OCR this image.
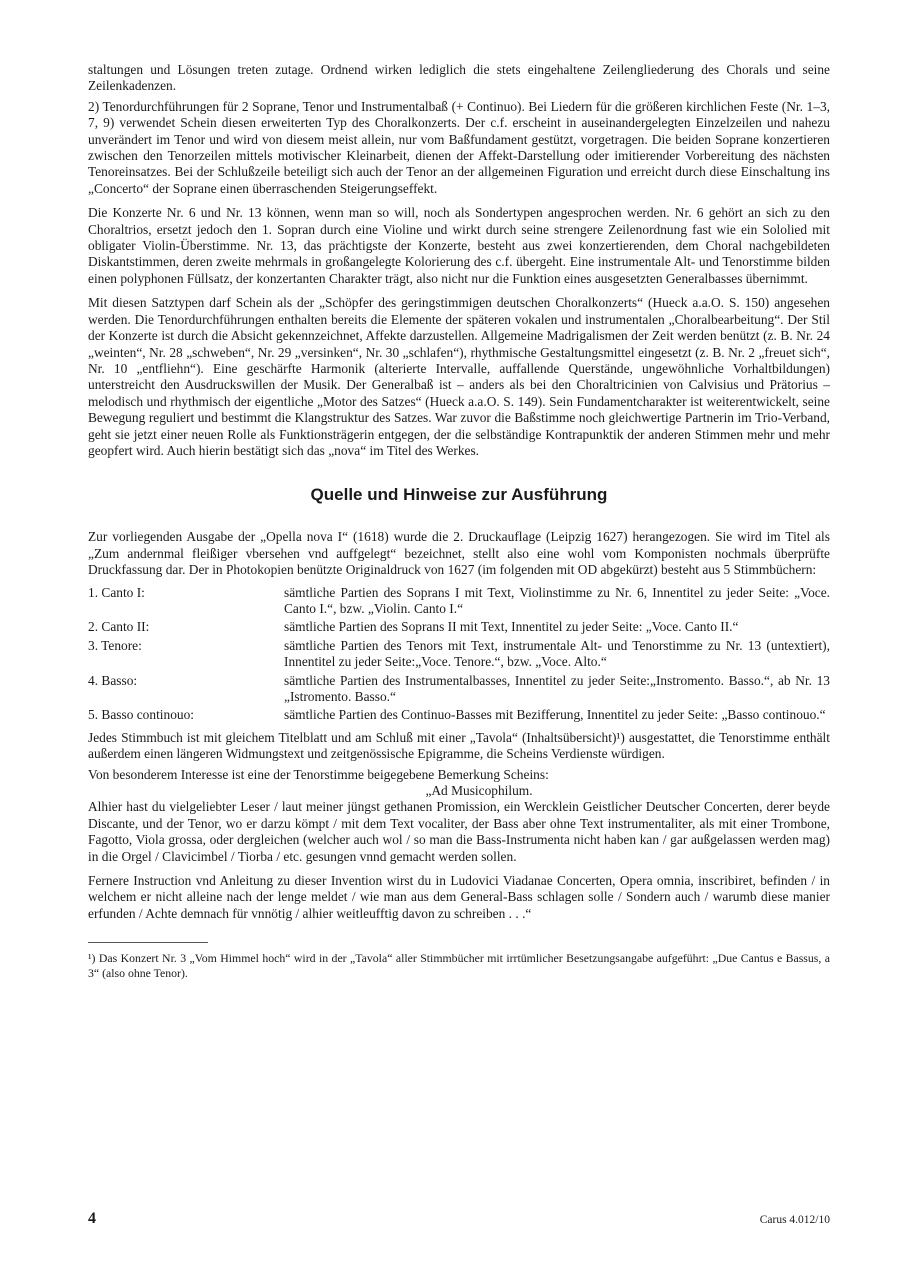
staltungen und Lösungen treten zutage. Ordnend wirken lediglich die stets eingehaltene Zeilengliederung des Chorals und seine Zeilenkadenzen.

2) Tenordurchführungen für 2 Soprane, Tenor und Instrumentalbaß (+ Continuo). Bei Liedern für die größeren kirchlichen Feste (Nr. 1–3, 7, 9) verwendet Schein diesen erweiterten Typ des Choralkonzerts. Der c.f. erscheint in auseinandergelegten Einzelzeilen und nahezu unverändert im Tenor und wird von diesem meist allein, nur vom Baßfundament gestützt, vorgetragen. Die beiden Soprane konzertieren zwischen den Tenorzeilen mittels motivischer Kleinarbeit, dienen der Affekt-Darstellung oder imitierender Vorbereitung des nächsten Tenoreinsatzes. Bei der Schlußzeile beteiligt sich auch der Tenor an der allgemeinen Figuration und erreicht durch diese Einschaltung ins „Concerto“ der Soprane einen überraschenden Steigerungseffekt.

Die Konzerte Nr. 6 und Nr. 13 können, wenn man so will, noch als Sondertypen angesprochen werden. Nr. 6 gehört an sich zu den Choraltrios, ersetzt jedoch den 1. Sopran durch eine Violine und wirkt durch seine strengere Zeilenordnung fast wie ein Sololied mit obligater Violin-Überstimme. Nr. 13, das prächtigste der Konzerte, besteht aus zwei konzertierenden, dem Choral nachgebildeten Diskantstimmen, deren zweite mehrmals in großangelegte Kolorierung des c.f. übergeht. Eine instrumentale Alt- und Tenorstimme bilden einen polyphonen Füllsatz, der konzertanten Charakter trägt, also nicht nur die Funktion eines ausgesetzten Generalbasses übernimmt.

Mit diesen Satztypen darf Schein als der „Schöpfer des geringstimmigen deutschen Choralkonzerts“ (Hueck a.a.O. S. 150) angesehen werden. Die Tenordurchführungen enthalten bereits die Elemente der späteren vokalen und instrumentalen „Choralbearbeitung“. Der Stil der Konzerte ist durch die Absicht gekennzeichnet, Affekte darzustellen. Allgemeine Madrigalismen der Zeit werden benützt (z. B. Nr. 24 „weinten“, Nr. 28 „schweben“, Nr. 29 „versinken“, Nr. 30 „schlafen“), rhythmische Gestaltungsmittel eingesetzt (z. B. Nr. 2 „freuet sich“, Nr. 10 „entfliehn“). Eine geschärfte Harmonik (alterierte Intervalle, auffallende Querstände, ungewöhnliche Vorhaltbildungen) unterstreicht den Ausdruckswillen der Musik. Der Generalbaß ist – anders als bei den Choraltricinien von Calvisius und Prätorius – melodisch und rhythmisch der eigentliche „Motor des Satzes“ (Hueck a.a.O. S. 149). Sein Fundamentcharakter ist weiterentwickelt, seine Bewegung reguliert und bestimmt die Klangstruktur des Satzes. War zuvor die Baßstimme noch gleichwertige Partnerin im Trio-Verband, geht sie jetzt einer neuen Rolle als Funktionsträgerin entgegen, der die selbständige Kontrapunktik der anderen Stimmen mehr und mehr geopfert wird. Auch hierin bestätigt sich das „nova“ im Titel des Werkes.

Quelle und Hinweise zur Ausführung

Zur vorliegenden Ausgabe der „Opella nova I“ (1618) wurde die 2. Druckauflage (Leipzig 1627) herangezogen. Sie wird im Titel als „Zum andernmal fleißiger vbersehen vnd auffgelegt“ bezeichnet, stellt also eine wohl vom Komponisten nochmals überprüfte Druckfassung dar. Der in Photokopien benützte Originaldruck von 1627 (im folgenden mit OD abgekürzt) besteht aus 5 Stimmbüchern:

1. Canto I:	sämtliche Partien des Soprans I mit Text, Violinstimme zu Nr. 6, Innentitel zu jeder Seite: „Voce. Canto I.“, bzw. „Violin. Canto I.“
2. Canto II:	sämtliche Partien des Soprans II mit Text, Innentitel zu jeder Seite: „Voce. Canto II.“
3. Tenore:	sämtliche Partien des Tenors mit Text, instrumentale Alt- und Tenorstimme zu Nr. 13 (untextiert), Innentitel zu jeder Seite:„Voce. Tenore.“, bzw. „Voce. Alto.“
4. Basso:	sämtliche Partien des Instrumentalbasses, Innentitel zu jeder Seite:„Instromento. Basso.“, ab Nr. 13 „Istromento. Basso.“
5. Basso continouo:	sämtliche Partien des Continuo-Basses mit Bezifferung, Innentitel zu jeder Seite: „Basso continouo.“

Jedes Stimmbuch ist mit gleichem Titelblatt und am Schluß mit einer „Tavola“ (Inhaltsübersicht)¹) ausgestattet, die Tenorstimme enthält außerdem einen längeren Widmungstext und zeitgenössische Epigramme, die Scheins Verdienste würdigen.

Von besonderem Interesse ist eine der Tenorstimme beigegebene Bemerkung Scheins:

„Ad Musicophilum.

Alhier hast du vielgeliebter Leser / laut meiner jüngst gethanen Promission, ein Wercklein Geistlicher Deutscher Concerten, derer beyde Discante, und der Tenor, wo er darzu kömpt / mit dem Text vocaliter, der Bass aber ohne Text instrumentaliter, als mit einer Trombone, Fagotto, Viola grossa, oder dergleichen (welcher auch wol / so man die Bass-Instrumenta nicht haben kan / gar außgelassen werden mag) in die Orgel / Clavicimbel / Tiorba / etc. gesungen vnnd gemacht werden sollen.

Fernere Instruction vnd Anleitung zu dieser Invention wirst du in Ludovici Viadanae Concerten, Opera omnia, inscribiret, befinden / in welchem er nicht alleine nach der lenge meldet / wie man aus dem General-Bass schlagen solle / Sondern auch / warumb diese manier erfunden / Achte demnach für vnnötig / alhier weitleufftig davon zu schreiben . . .“

¹) Das Konzert Nr. 3 „Vom Himmel hoch“ wird in der „Tavola“ aller Stimmbücher mit irrtümlicher Besetzungsangabe aufgeführt: „Due Cantus e Bassus, a 3“ (also ohne Tenor).

4	Carus 4.012/10
